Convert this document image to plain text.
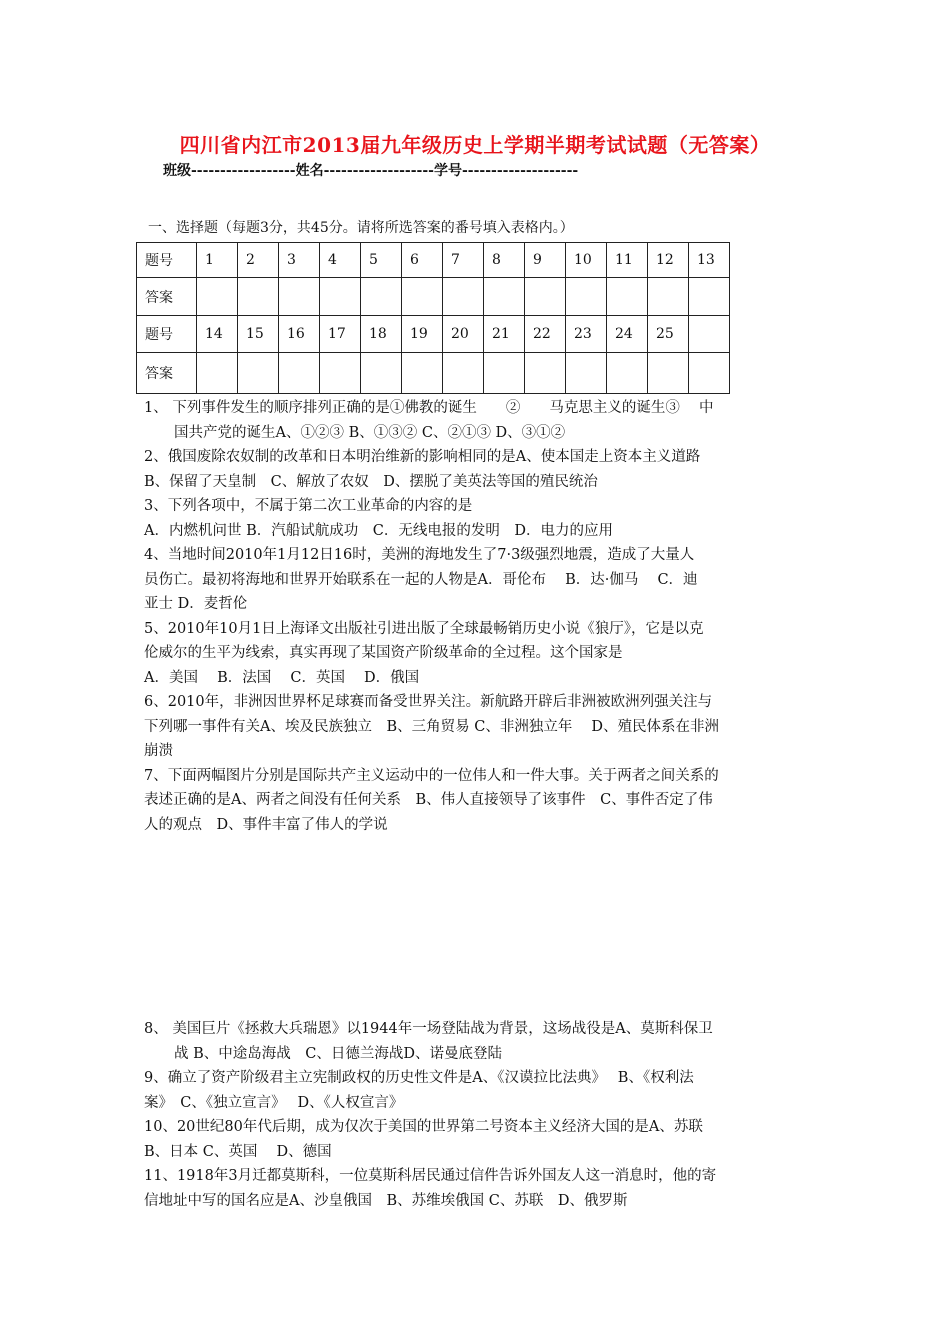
四川省内江市2013届九年级历史上学期半期考试试题（无答案）
班级------------------姓名-------------------学号--------------------
一、选择题（每题3分，共45分。请将所选答案的番号填入表格内。）
题号	1	2	3	4	5	6	7	8	9	10	11	12	13
答案													
题号	14	15	16	17	18	19	20	21	22	23	24	25	
答案													
1、 下列事件发生的顺序排列正确的是①佛教的诞生　　②　　马克思主义的诞生③　 中
国共产党的诞生A、①②③ B、①③② C、②①③ D、③①②
2、俄国废除农奴制的改革和日本明治维新的影响相同的是A、使本国走上资本主义道路
B、保留了天皇制　C、解放了农奴　D、摆脱了美英法等国的殖民统治
3、下列各项中，不属于第二次工业革命的内容的是
A．内燃机问世 B．汽船试航成功　C．无线电报的发明　D．电力的应用
4、当地时间2010年1月12日16时，美洲的海地发生了7·3级强烈地震，造成了大量人
员伤亡。最初将海地和世界开始联系在一起的人物是A．哥伦布　 B．达·伽马　 C．迪
亚士 D．麦哲伦
5、2010年10月1日上海译文出版社引进出版了全球最畅销历史小说《狼厅》，它是以克
伦威尔的生平为线索，真实再现了某国资产阶级革命的全过程。这个国家是
A．美国　 B．法国　 C．英国　 D．俄国
6、2010年，非洲因世界杯足球赛而备受世界关注。新航路开辟后非洲被欧洲列强关注与
下列哪一事件有关A、埃及民族独立　B、三角贸易 C、非洲独立年　 D、殖民体系在非洲
崩溃
7、下面两幅图片分别是国际共产主义运动中的一位伟人和一件大事。关于两者之间关系的
表述正确的是A、两者之间没有任何关系　B、伟人直接领导了该事件　C、事件否定了伟
人的观点　D、事件丰富了伟人的学说
8、 美国巨片《拯救大兵瑞恩》以1944年一场登陆战为背景，这场战役是A、莫斯科保卫
战 B、中途岛海战　C、日德兰海战D、诺曼底登陆
9、确立了资产阶级君主立宪制政权的历史性文件是A、《汉谟拉比法典》　 B、《权利法
案》　C、《独立宣言》　 D、《人权宣言》
10、20世纪80年代后期，成为仅次于美国的世界第二号资本主义经济大国的是A、苏联
B、日本 C、英国　 D、德国
11、1918年3月迁都莫斯科，一位莫斯科居民通过信件告诉外国友人这一消息时，他的寄
信地址中写的国名应是A、沙皇俄国　B、苏维埃俄国 C、苏联　D、俄罗斯
